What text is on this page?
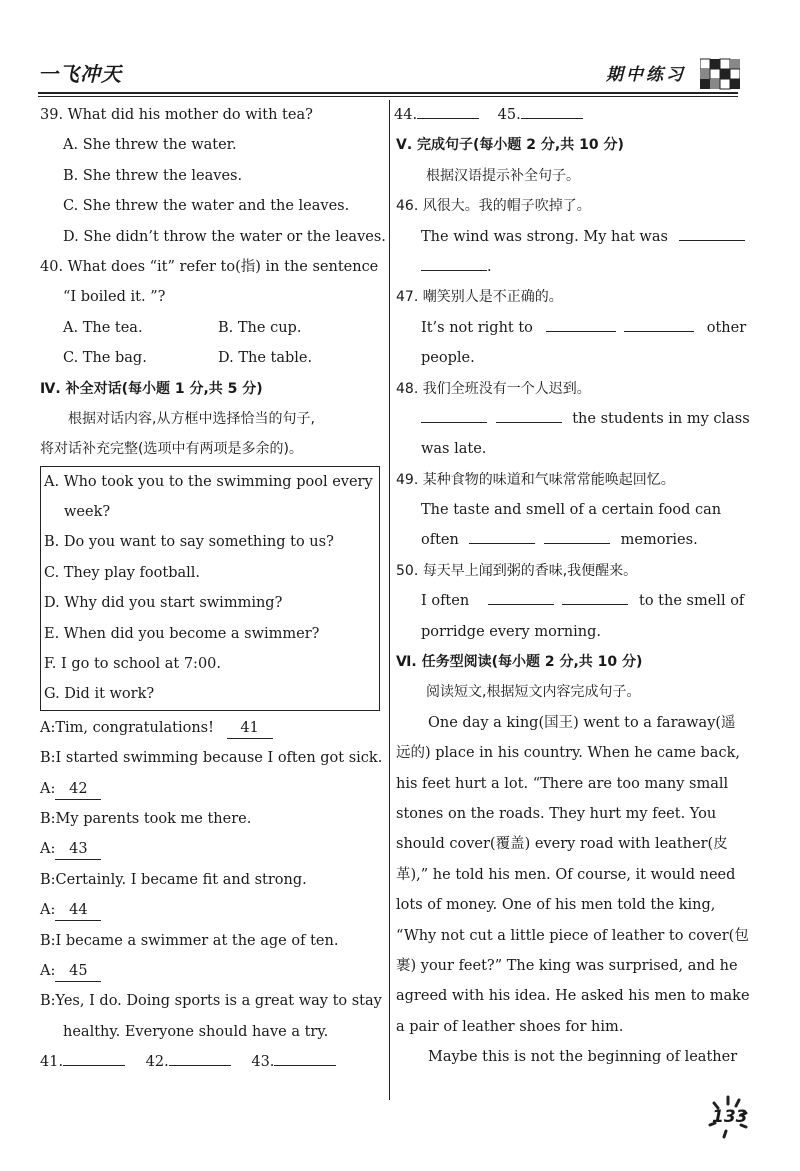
一飞冲天	期中练习
39. What did his mother do with tea?
A. She threw the water.
B. She threw the leaves.
C. She threw the water and the leaves.
D. She didn’t throw the water or the leaves.
40. What does “it” refer to(指) in the sentence
“I boiled it. ”?
A. The tea.	B. The cup.
C. The bag.	D. The table.
Ⅳ. 补全对话(每小题 1 分,共 5 分)
根据对话内容,从方框中选择恰当的句子,
将对话补充完整(选项中有两项是多余的)。
A. Who took you to the swimming pool every
week?
B. Do you want to say something to us?
C. They play football.
D. Why did you start swimming?
E. When did you become a swimmer?
F. I go to school at 7:00.
G. Did it work?
A:Tim, congratulations! 41
B:I started swimming because I often got sick.
A: 42
B:My parents took me there.
A: 43
B:Certainly. I became fit and strong.
A: 44
B:I became a swimmer at the age of ten.
A: 45
B:Yes, I do. Doing sports is a great way to stay
healthy. Everyone should have a try.
41.	42.	43.
44.	45.
Ⅴ. 完成句子(每小题 2 分,共 10 分)
根据汉语提示补全句子。
46. 风很大。我的帽子吹掉了。
The wind was strong. My hat was
.
47. 嘲笑别人是不正确的。
It’s not right to	other
people.
48. 我们全班没有一个人迟到。
the students in my class
was late.
49. 某种食物的味道和气味常常能唤起回忆。
The taste and smell of a certain food can
often	memories.
50. 每天早上闻到粥的香味,我便醒来。
I often	to the smell of
porridge every morning.
Ⅵ. 任务型阅读(每小题 2 分,共 10 分)
阅读短文,根据短文内容完成句子。
One day a king(国王) went to a faraway(遥
远的) place in his country. When he came back,
his feet hurt a lot. “There are too many small
stones on the roads. They hurt my feet. You
should cover(覆盖) every road with leather(皮
革),” he told his men. Of course, it would need
lots of money. One of his men told the king,
“Why not cut a little piece of leather to cover(包
裹) your feet?” The king was surprised, and he
agreed with his idea. He asked his men to make
a pair of leather shoes for him.
Maybe this is not the beginning of leather
133
